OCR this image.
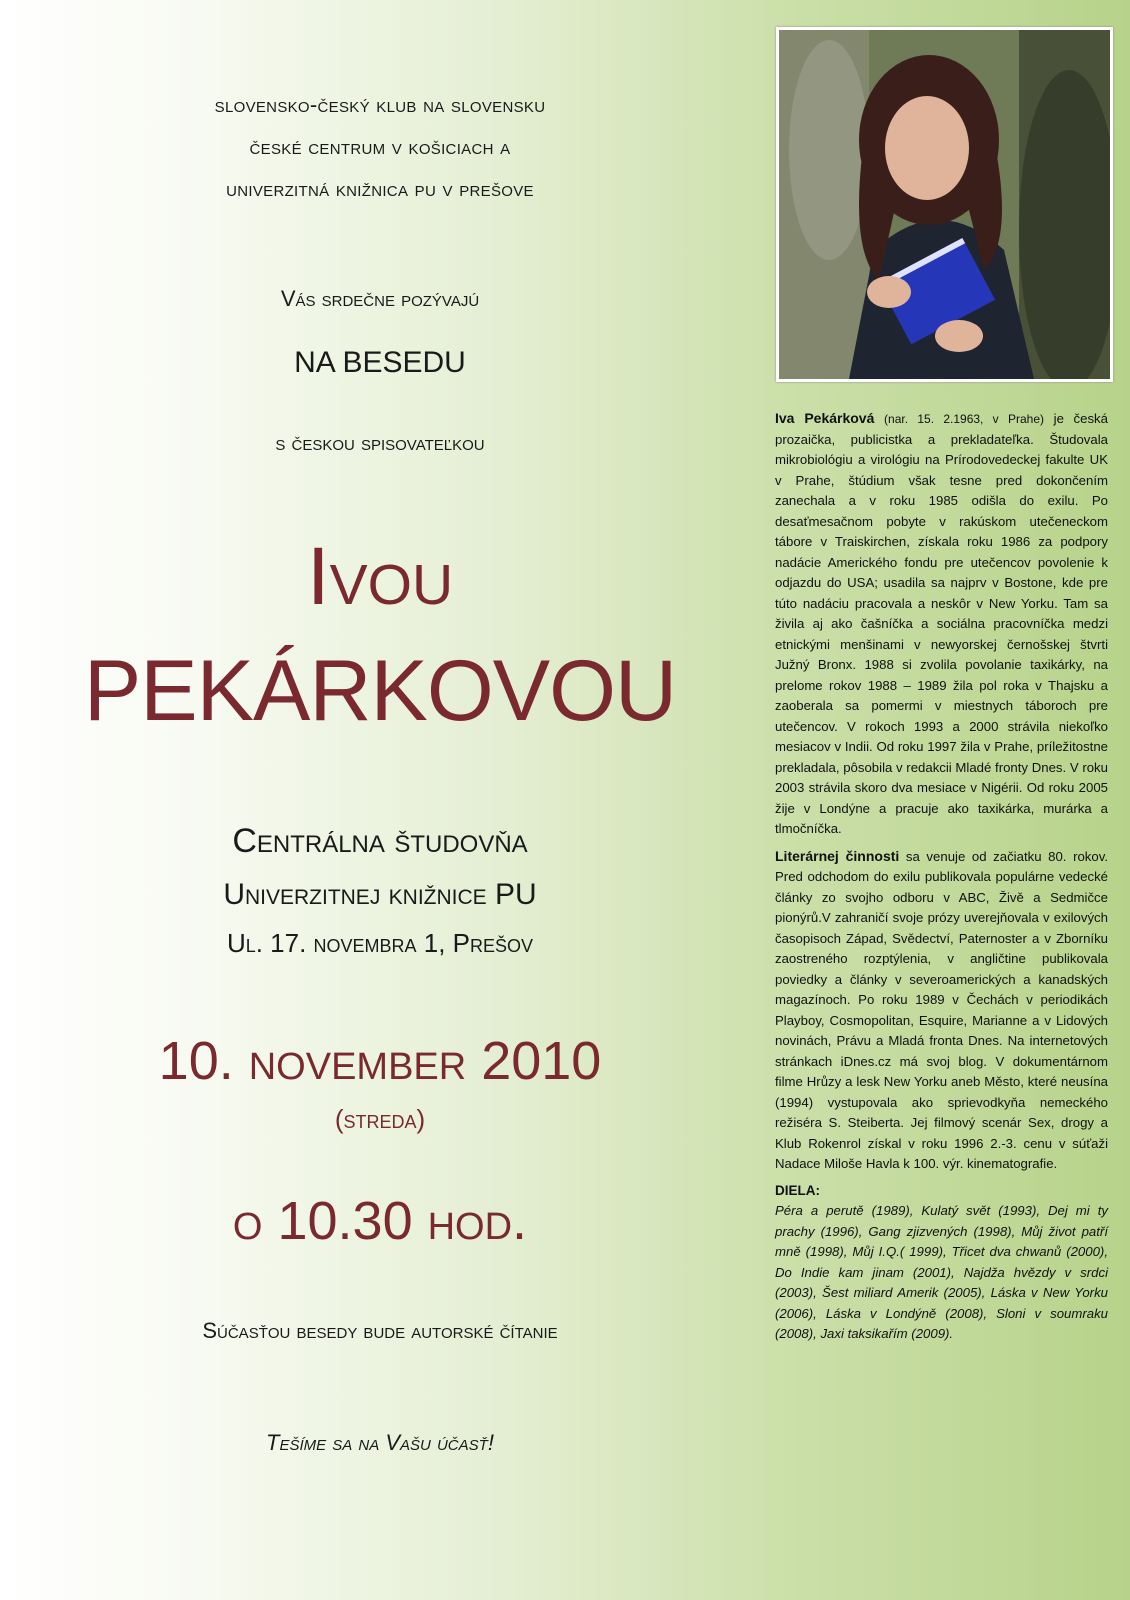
slovensko-český klub na slovensku
české centrum v košiciach a
univerzitná knižnica pu v prešove
Vás srdečne pozývajú
NA BESEDU
s českou spisovateľkou
Ivou
PEKÁRKOVOU
Centrálna študovňa
Univerzitnej knižnice PU
Ul. 17. novembra 1, Prešov
10. november 2010
(streda)
o 10.30 hod.
Súčasťou besedy bude autorské čítanie
Tešíme sa na Vašu účasť!

Iva Pekárková (nar. 15. 2.1963, v Prahe) je česká prozaička, publicistka a prekladateľka. Študovala mikrobiológiu a virológiu na Prírodovedeckej fakulte UK v Prahe, štúdium však tesne pred dokončením zanechala a v roku 1985 odišla do exilu. Po desaťmesačnom pobyte v rakúskom utečeneckom tábore v Traiskirchen, získala roku 1986 za podpory nadácie Amerického fondu pre utečencov povolenie k odjazdu do USA; usadila sa najprv v Bostone, kde pre túto nadáciu pracovala a neskôr v New Yorku. Tam sa živila aj ako čašníčka a sociálna pracovníčka medzi etnickými menšinami v newyorskej černošskej štvrti Južný Bronx. 1988 si zvolila povolanie taxikárky, na prelome rokov 1988 – 1989 žila pol roka v Thajsku a zaoberala sa pomermi v miestnych táboroch pre utečencov. V rokoch 1993 a 2000 strávila niekoľko mesiacov v Indii. Od roku 1997 žila v Prahe, príležitostne prekladala, pôsobila v redakcii Mladé fronty Dnes. V roku 2003 strávila skoro dva mesiace v Nigérii. Od roku 2005 žije v Londýne a pracuje ako taxikárka, murárka a tlmočníčka.

Literárnej činnosti sa venuje od začiatku 80. rokov. Pred odchodom do exilu publikovala populárne vedecké články zo svojho odboru v ABC, Živě a Sedmičce pionýrů.V zahraničí svoje prózy uverejňovala v exilových časopisoch Západ, Svědectví, Paternoster a v Zborníku zaostreného rozptýlenia, v angličtine publikovala poviedky a články v severoamerických a kanadských magazínoch. Po roku 1989 v Čechách v periodikách Playboy, Cosmopolitan, Esquire, Marianne a v Lidových novinách, Právu a Mladá fronta Dnes. Na internetových stránkach iDnes.cz má svoj blog. V dokumentárnom filme Hrůzy a lesk New Yorku aneb Město, které neusína (1994) vystupovala ako sprievodkyňa nemeckého režiséra S. Steiberta. Jej filmový scenár Sex, drogy a Klub Rokenrol získal v roku 1996 2.-3. cenu v súťaži Nadace Miloše Havla k 100. výr. kinematografie.

DIELA:

Péra a perutě (1989), Kulatý svět (1993), Dej mi ty prachy (1996), Gang zjizvených (1998), Můj život patří mně (1998), Můj I.Q.( 1999), Třicet dva chwanů (2000), Do Indie kam jinam (2001), Najdža hvězdy v srdci (2003), Šest miliard Amerik (2005), Láska v New Yorku (2006), Láska v Londýně (2008), Sloni v soumraku (2008), Jaxi taksikařím (2009).
